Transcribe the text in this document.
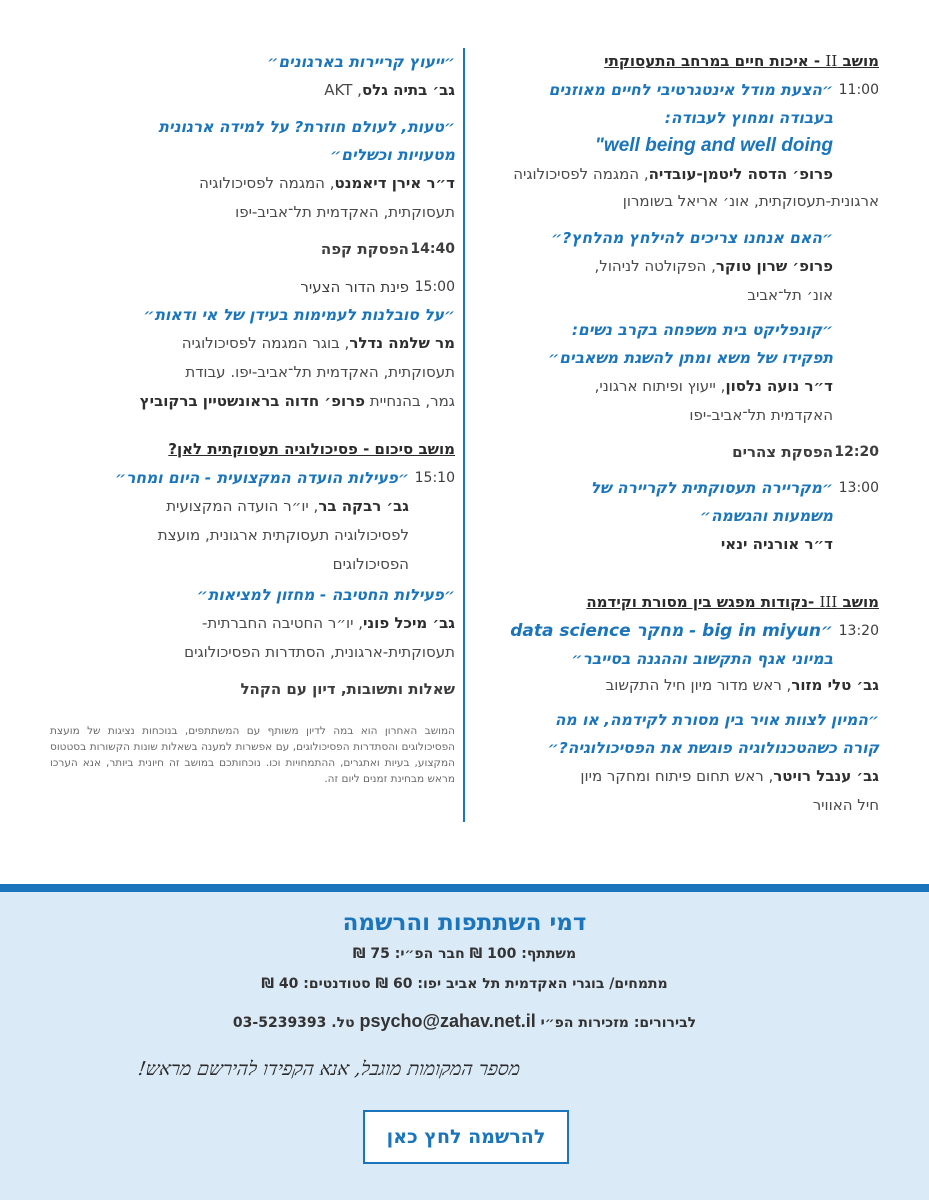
מושב II - איכות חיים במרחב התעסוקתי
11:00
״הצעת מודל אינטגרטיבי לחיים מאוזנים
בעבודה ומחוץ לעבודה:
well being and well doing"
פרופ׳ הדסה ליטמן-עובדיה, המגמה לפסיכולוגיה
ארגונית-תעסוקתית, אונ׳ אריאל בשומרון
״האם אנחנו צריכים להילחץ מהלחץ?״
פרופ׳ שרון טוקר, הפקולטה לניהול,
אונ׳ תל־אביב
״קונפליקט בית משפחה בקרב נשים:
תפקידו של משא ומתן להשגת משאבים״
ד״ר נועה נלסון, ייעוץ ופיתוח ארגוני,
האקדמית תל־אביב-יפו
12:20
הפסקת צהרים
13:00
״מקריירה תעסוקתית לקריירה של
משמעות והגשמה״
ד״ר אורניה ינאי
מושב III -נקודות מפגש בין מסורת וקידמה
13:20
״big in miyun - מחקר data science
במיוני אגף התקשוב וההגנה בסייבר״
גב׳ טלי מזור, ראש מדור מיון חיל התקשוב
״המיון לצוות אויר בין מסורת לקידמה, או מה
קורה כשהטכנולוגיה פוגשת את הפסיכולוגיה?״
גב׳ ענבל רויטר, ראש תחום פיתוח ומחקר מיון
חיל האוויר
״ייעוץ קריירות בארגונים״
גב׳ בתיה גלס, AKT
״טעות, לעולם חוזרת? על למידה ארגונית
מטעויות וכשלים״
ד״ר אירן דיאמנט, המגמה לפסיכולוגיה
תעסוקתית, האקדמית תל־אביב-יפו
14:40
הפסקת קפה
15:00
פינת הדור הצעיר
״על סובלנות לעמימות בעידן של אי ודאות״
מר שלמה נדלר, בוגר המגמה לפסיכולוגיה
תעסוקתית, האקדמית תל־אביב-יפו. עבודת
גמר, בהנחיית פרופ׳ חדוה בראונשטיין ברקוביץ
מושב סיכום - פסיכולוגיה תעסוקתית לאן?
15:10
״פעילות הועדה המקצועית - היום ומחר״
גב׳ רבקה בר, יו״ר הועדה המקצועית
לפסיכולוגיה תעסוקתית ארגונית, מועצת
הפסיכולוגים
״פעילות החטיבה - מחזון למציאות״
גב׳ מיכל פוני, יו״ר החטיבה החברתית-
תעסוקתית-ארגונית, הסתדרות הפסיכולוגים
שאלות ותשובות, דיון עם הקהל
המושב האחרון הוא במה לדיון משותף עם המשתתפים, בנוכחות נציגות של מועצת הפסיכולוגים והסתדרות הפסיכולוגים, עם אפשרות למענה בשאלות שונות הקשורות בסטטוס המקצוע, בעיות ואתגרים, ההתמחויות וכו. נוכחותכם במושב זה חיונית ביותר, אנא הערכו מראש מבחינת זמנים ליום זה.
דמי השתתפות והרשמה
משתתף: 100 ₪ חבר הפ״י: 75 ₪
מתמחים/ בוגרי האקדמית תל אביב יפו: 60 ₪ סטודנטים: 40 ₪
לבירורים: מזכירות הפ״י psycho@zahav.net.il טל. 03-5239393
מספר המקומות מוגבל, אנא הקפידו להירשם מראש!
להרשמה לחץ כאן
